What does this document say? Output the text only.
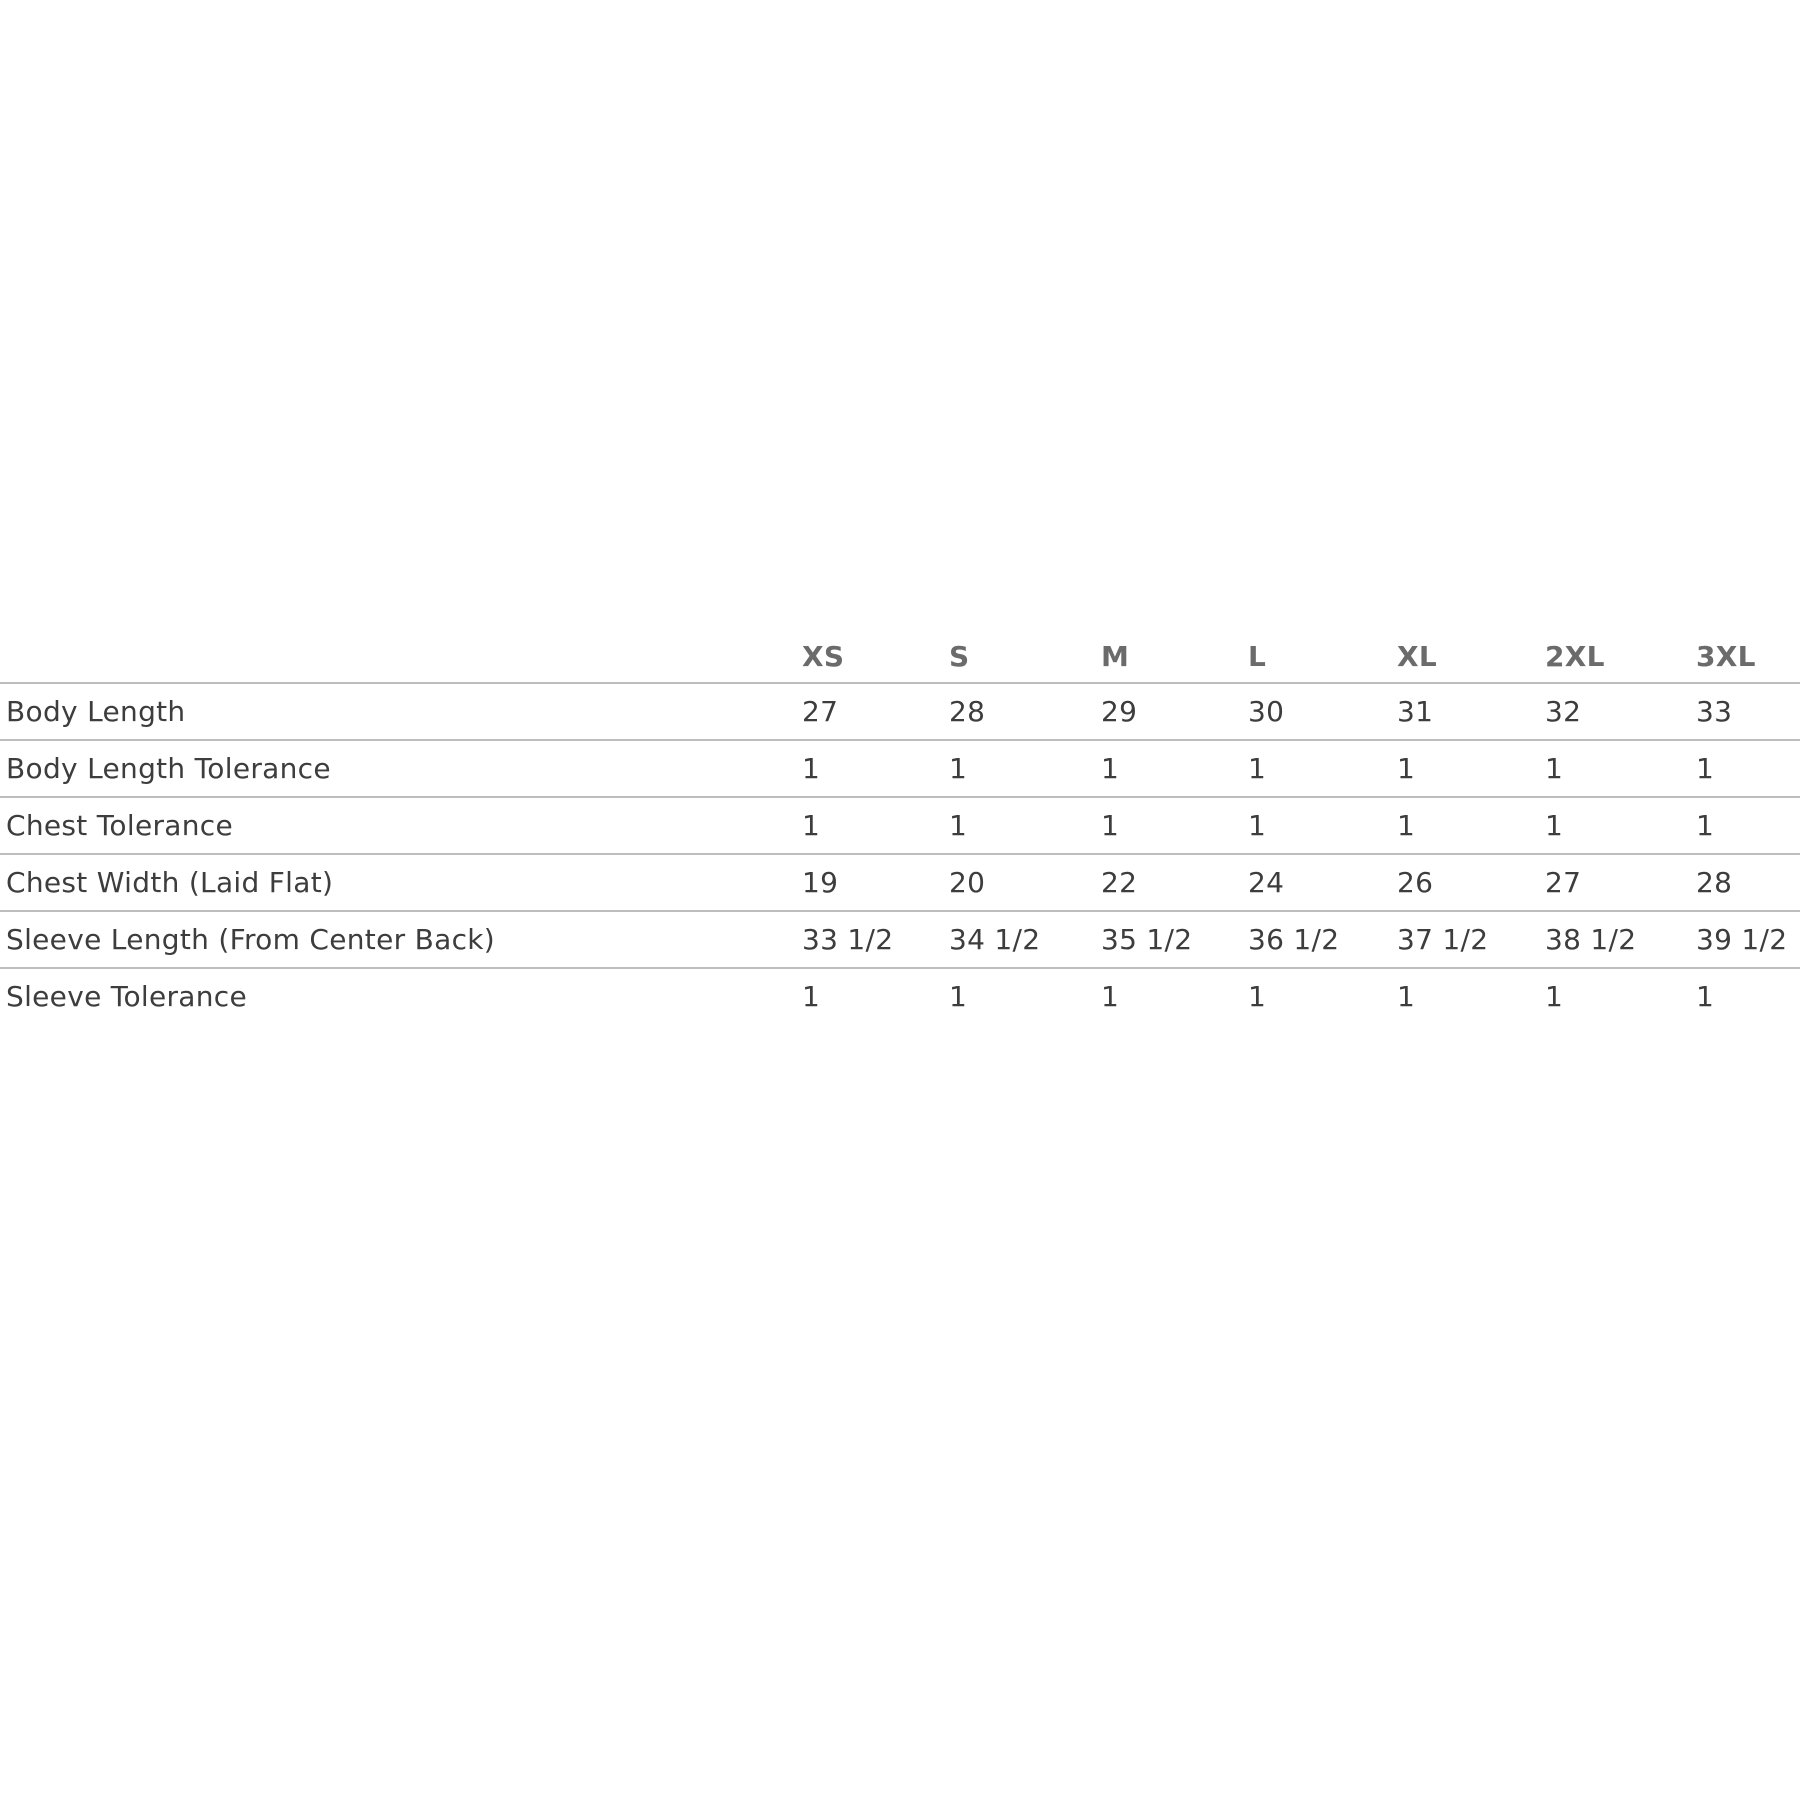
	XS	S	M	L	XL	2XL	3XL
Body Length	27	28	29	30	31	32	33
Body Length Tolerance	1	1	1	1	1	1	1
Chest Tolerance	1	1	1	1	1	1	1
Chest Width (Laid Flat)	19	20	22	24	26	27	28
Sleeve Length (From Center Back)	33 1/2	34 1/2	35 1/2	36 1/2	37 1/2	38 1/2	39 1/2
Sleeve Tolerance	1	1	1	1	1	1	1
